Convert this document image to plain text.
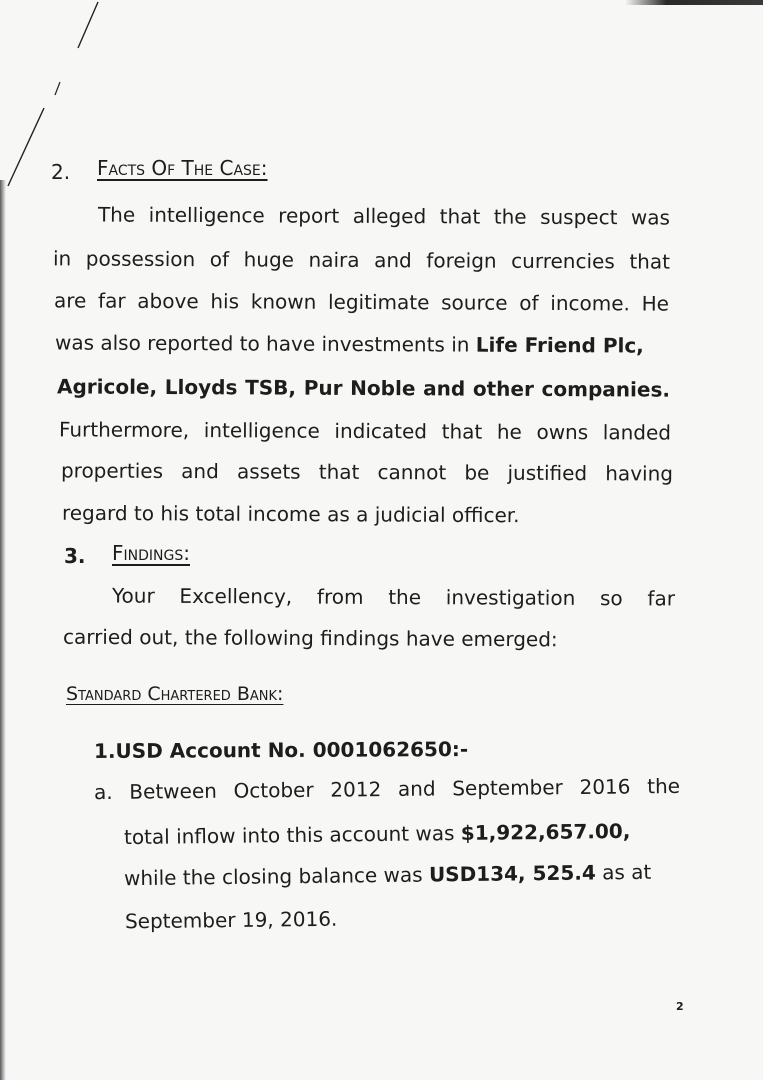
2. Facts Of The Case:
The intelligence report alleged that the suspect was
in possession of huge naira and foreign currencies that
are far above his known legitimate source of income. He
was also reported to have investments in Life Friend Plc,
Agricole, Lloyds TSB, Pur Noble and other companies.
Furthermore, intelligence indicated that he owns landed
properties and assets that cannot be justified having
regard to his total income as a judicial officer.
3. Findings:
Your Excellency, from the investigation so far
carried out, the following findings have emerged:
Standard Chartered Bank:
1.USD Account No. 0001062650:-
a. Between October 2012 and September 2016 the
total inflow into this account was $1,922,657.00,
while the closing balance was USD134, 525.4 as at
September 19, 2016.
2
